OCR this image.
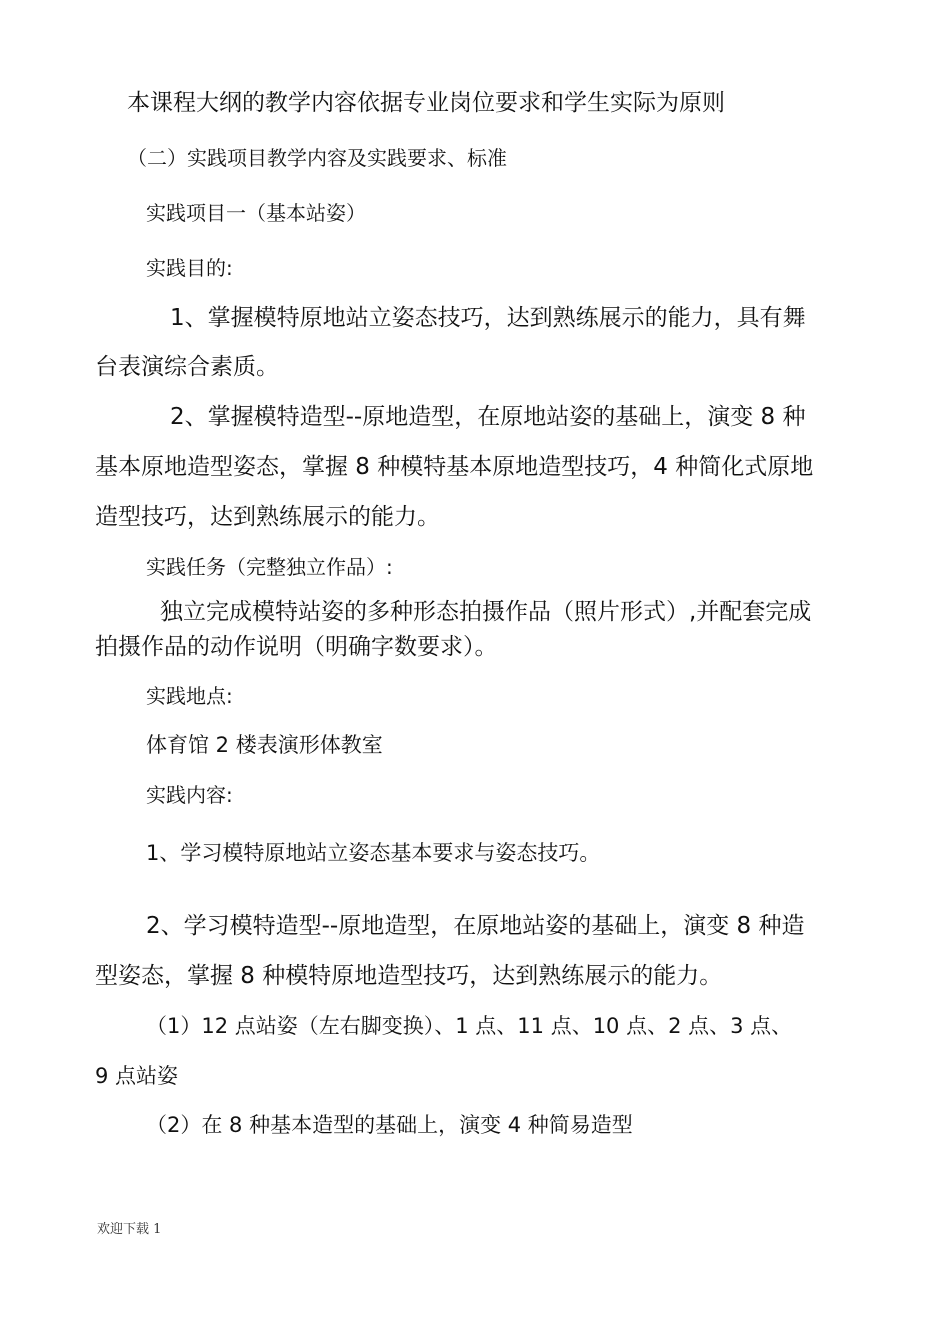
本课程大纲的教学内容依据专业岗位要求和学生实际为原则
（二）实践项目教学内容及实践要求、标准
实践项目一（基本站姿）
实践目的:
1、掌握模特原地站立姿态技巧，达到熟练展示的能力，具有舞
台表演综合素质。
2、掌握模特造型--原地造型，在原地站姿的基础上，演变 8 种
基本原地造型姿态，掌握 8 种模特基本原地造型技巧，4 种简化式原地
造型技巧，达到熟练展示的能力。
实践任务（完整独立作品）:
独立完成模特站姿的多种形态拍摄作品（照片形式）,并配套完成
拍摄作品的动作说明（明确字数要求）。
实践地点:
体育馆 2 楼表演形体教室
实践内容:
1、学习模特原地站立姿态基本要求与姿态技巧。
2、学习模特造型--原地造型，在原地站姿的基础上，演变 8 种造
型姿态，掌握 8 种模特原地造型技巧，达到熟练展示的能力。
（1）12 点站姿（左右脚变换）、1 点、11 点、10 点、2 点、3 点、
9 点站姿
（2）在 8 种基本造型的基础上，演变 4 种简易造型
欢迎下载 1
